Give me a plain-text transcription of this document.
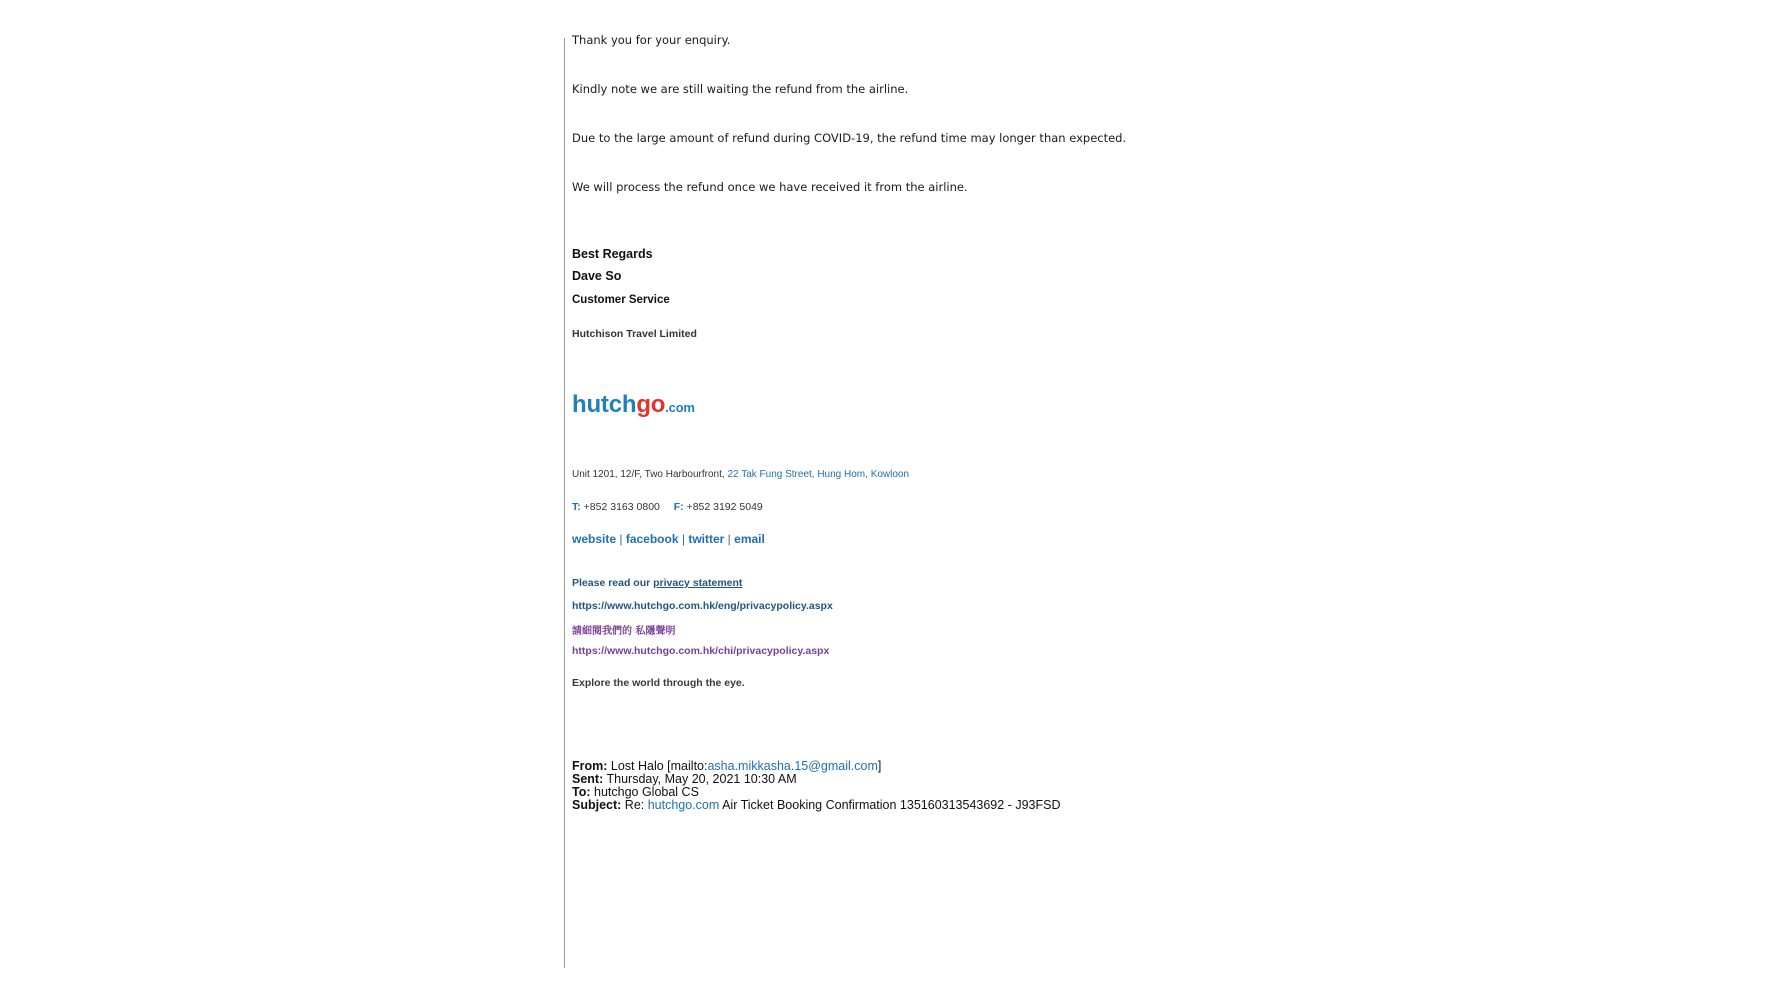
Thank you for your enquiry.
Kindly note we are still waiting the refund from the airline.
Due to the large amount of refund during COVID-19, the refund time may longer than expected.
We will process the refund once we have received it from the airline.
Best Regards
Dave So
Customer Service
Hutchison Travel Limited
hutchgo.com
Unit 1201, 12/F, Two Harbourfront, 22 Tak Fung Street, Hung Hom, Kowloon
T: +852 3163 0800 F: +852 3192 5049
website | facebook | twitter | email
Please read our privacy statement
https://www.hutchgo.com.hk/eng/privacypolicy.aspx
請細閱我們的 私隱聲明
https://www.hutchgo.com.hk/chi/privacypolicy.aspx
Explore the world through the eye.
From: Lost Halo [mailto:asha.mikkasha.15@gmail.com]
Sent: Thursday, May 20, 2021 10:30 AM
To: hutchgo Global CS
Subject: Re: hutchgo.com Air Ticket Booking Confirmation 135160313543692 - J93FSD
